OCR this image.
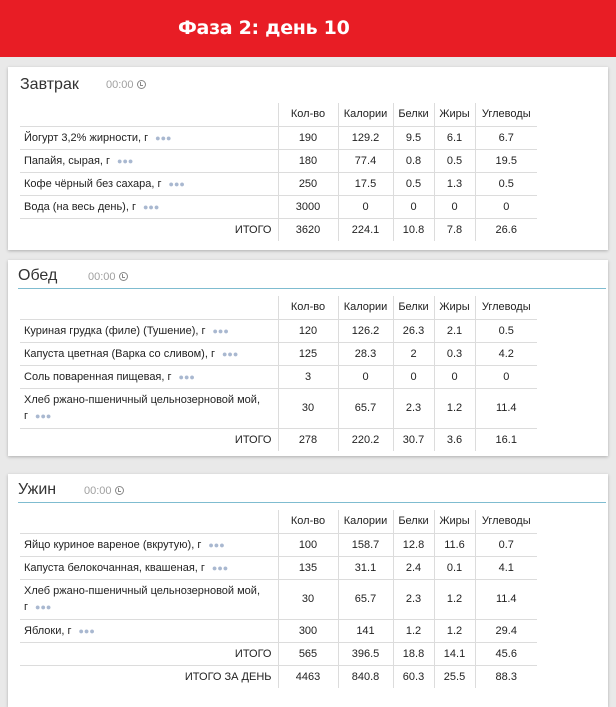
Фаза 2: день 10
Завтрак 00:00
	Кол-во	Калории	Белки	Жиры	Углеводы
Йогурт 3,2% жирности, г ●●●	190	129.2	9.5	6.1	6.7
Папайя, сырая, г ●●●	180	77.4	0.8	0.5	19.5
Кофе чёрный без сахара, г ●●●	250	17.5	0.5	1.3	0.5
Вода (на весь день), г ●●●	3000	0	0	0	0
ИТОГО	3620	224.1	10.8	7.8	26.6
Обед	00:00
	Кол-во	Калории	Белки	Жиры	Углеводы
Куриная грудка (филе) (Тушение), г ●●●	120	126.2	26.3	2.1	0.5
Капуста цветная (Варка со сливом), г ●●●	125	28.3	2	0.3	4.2
Соль поваренная пищевая, г ●●●	3	0	0	0	0
Хлеб ржано-пшеничный цельнозерновой мой, г ●●●	30	65.7	2.3	1.2	11.4
ИТОГО	278	220.2	30.7	3.6	16.1
Ужин	00:00
	Кол-во	Калории	Белки	Жиры	Углеводы
Яйцо куриное вареное (вкрутую), г ●●●	100	158.7	12.8	11.6	0.7
Капуста белокочанная, квашеная, г ●●●	135	31.1	2.4	0.1	4.1
Хлеб ржано-пшеничный цельнозерновой мой, г ●●●	30	65.7	2.3	1.2	11.4
Яблоки, г ●●●	300	141	1.2	1.2	29.4
ИТОГО	565	396.5	18.8	14.1	45.6
ИТОГО ЗА ДЕНЬ	4463	840.8	60.3	25.5	88.3
